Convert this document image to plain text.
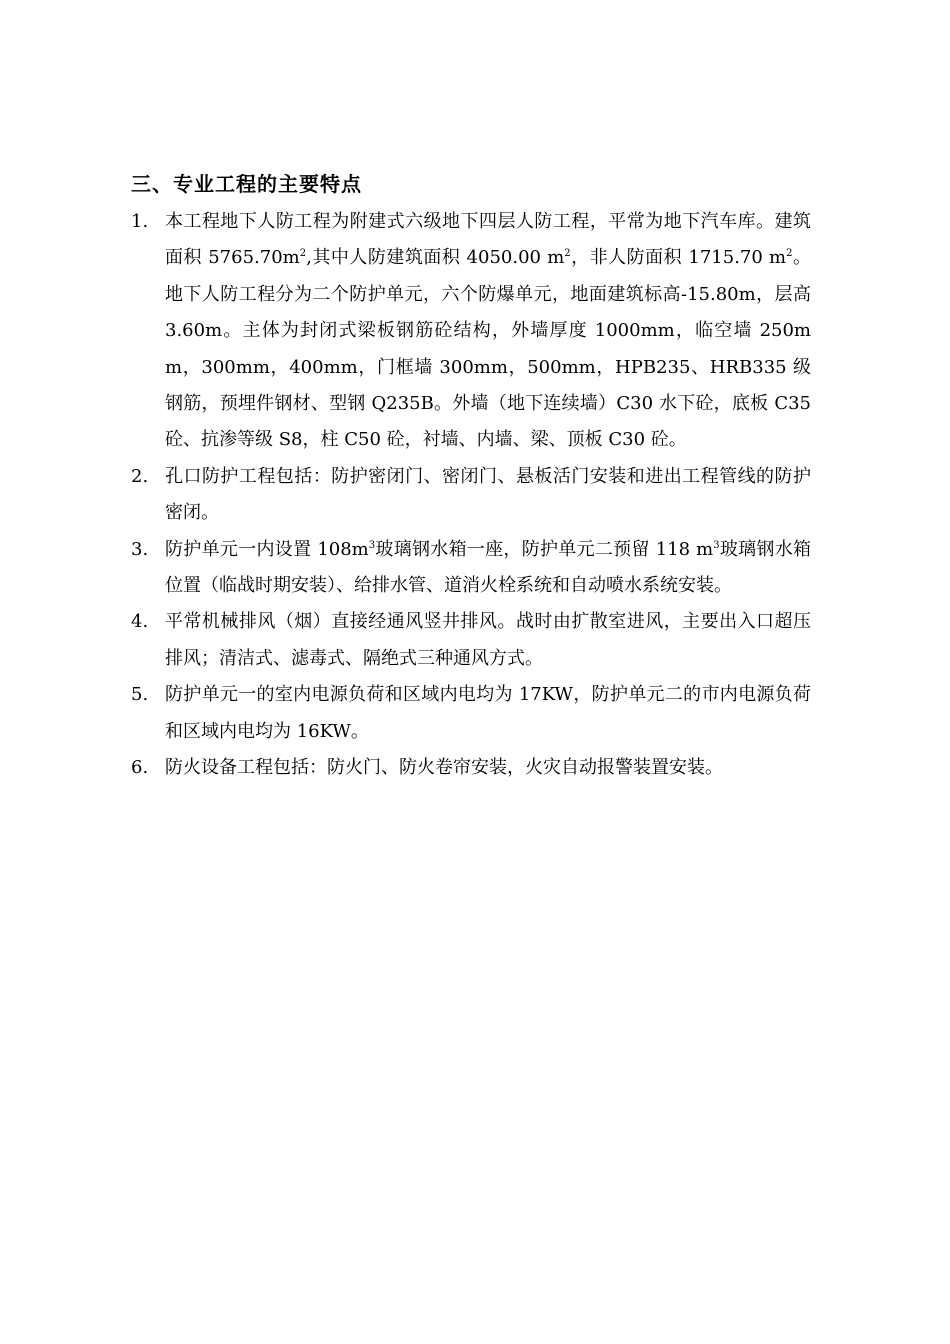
三、专业工程的主要特点
1. 本工程地下人防工程为附建式六级地下四层人防工程，平常为地下汽车库。建筑面积 $5765.70m^2$,其中人防建筑面积 4050.00 $m^2$，非人防面积 1715.70 $m^2$。地下人防工程分为二个防护单元，六个防爆单元，地面建筑标高-15.80m，层高 3.60m。主体为封闭式梁板钢筋砼结构，外墙厚度 1000mm，临空墙 250mm，300mm，400mm，门框墙 300mm，500mm，HPB235、HRB335 级钢筋，预埋件钢材、型钢 Q235B。外墙（地下连续墙）C30 水下砼，底板 C35 砼、抗渗等级 S8，柱 C50 砼，衬墙、内墙、梁、顶板 C30 砼。
2. 孔口防护工程包括：防护密闭门、密闭门、悬板活门安装和进出工程管线的防护密闭。
3. 防护单元一内设置 $108m^3$玻璃钢水箱一座，防护单元二预留 118 $m^3$玻璃钢水箱位置（临战时期安装）、给排水管、道消火栓系统和自动喷水系统安装。
4. 平常机械排风（烟）直接经通风竖井排风。战时由扩散室进风，主要出入口超压排风；清洁式、滤毒式、隔绝式三种通风方式。
5. 防护单元一的室内电源负荷和区域内电均为 17KW，防护单元二的市内电源负荷和区域内电均为 16KW。
6. 防火设备工程包括：防火门、防火卷帘安装，火灾自动报警装置安装。
